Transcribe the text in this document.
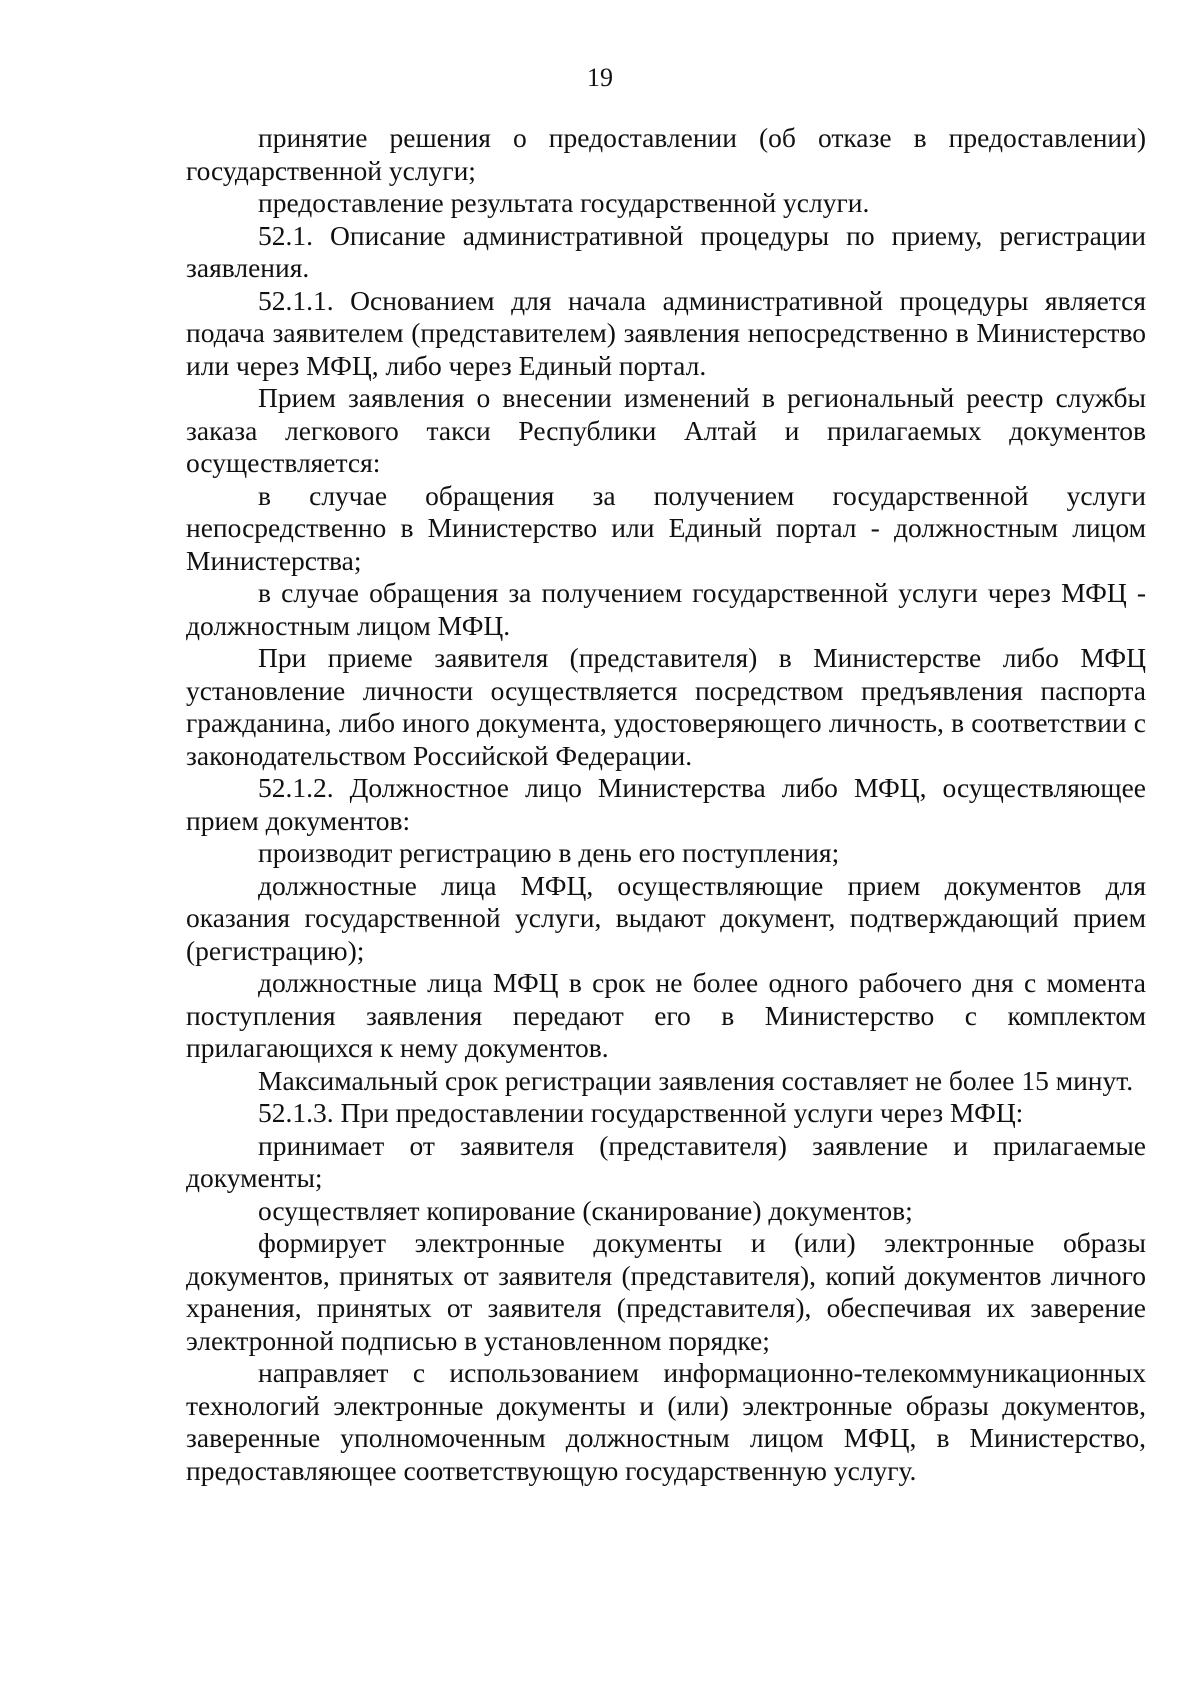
19

принятие решения о предоставлении (об отказе в предоставлении) государственной услуги;

предоставление результата государственной услуги.

52.1. Описание административной процедуры по приему, регистрации заявления.

52.1.1. Основанием для начала административной процедуры является подача заявителем (представителем) заявления непосредственно в Министерство или через МФЦ, либо через Единый портал.

Прием заявления о внесении изменений в региональный реестр службы заказа легкового такси Республики Алтай и прилагаемых документов осуществляется:

в случае обращения за получением государственной услуги непосредственно в Министерство или Единый портал - должностным лицом Министерства;

в случае обращения за получением государственной услуги через МФЦ - должностным лицом МФЦ.

При приеме заявителя (представителя) в Министерстве либо МФЦ установление личности осуществляется посредством предъявления паспорта гражданина, либо иного документа, удостоверяющего личность, в соответствии с законодательством Российской Федерации.

52.1.2. Должностное лицо Министерства либо МФЦ, осуществляющее прием документов:

производит регистрацию в день его поступления;

должностные лица МФЦ, осуществляющие прием документов для оказания государственной услуги, выдают документ, подтверждающий прием (регистрацию);

должностные лица МФЦ в срок не более одного рабочего дня с момента поступления заявления передают его в Министерство с комплектом прилагающихся к нему документов.

Максимальный срок регистрации заявления составляет не более 15 минут.

52.1.3. При предоставлении государственной услуги через МФЦ:

принимает от заявителя (представителя) заявление и прилагаемые документы;

осуществляет копирование (сканирование) документов;

формирует электронные документы и (или) электронные образы документов, принятых от заявителя (представителя), копий документов личного хранения, принятых от заявителя (представителя), обеспечивая их заверение электронной подписью в установленном порядке;

направляет с использованием информационно-телекоммуникационных технологий электронные документы и (или) электронные образы документов, заверенные уполномоченным должностным лицом МФЦ, в Министерство, предоставляющее соответствующую государственную услугу.
